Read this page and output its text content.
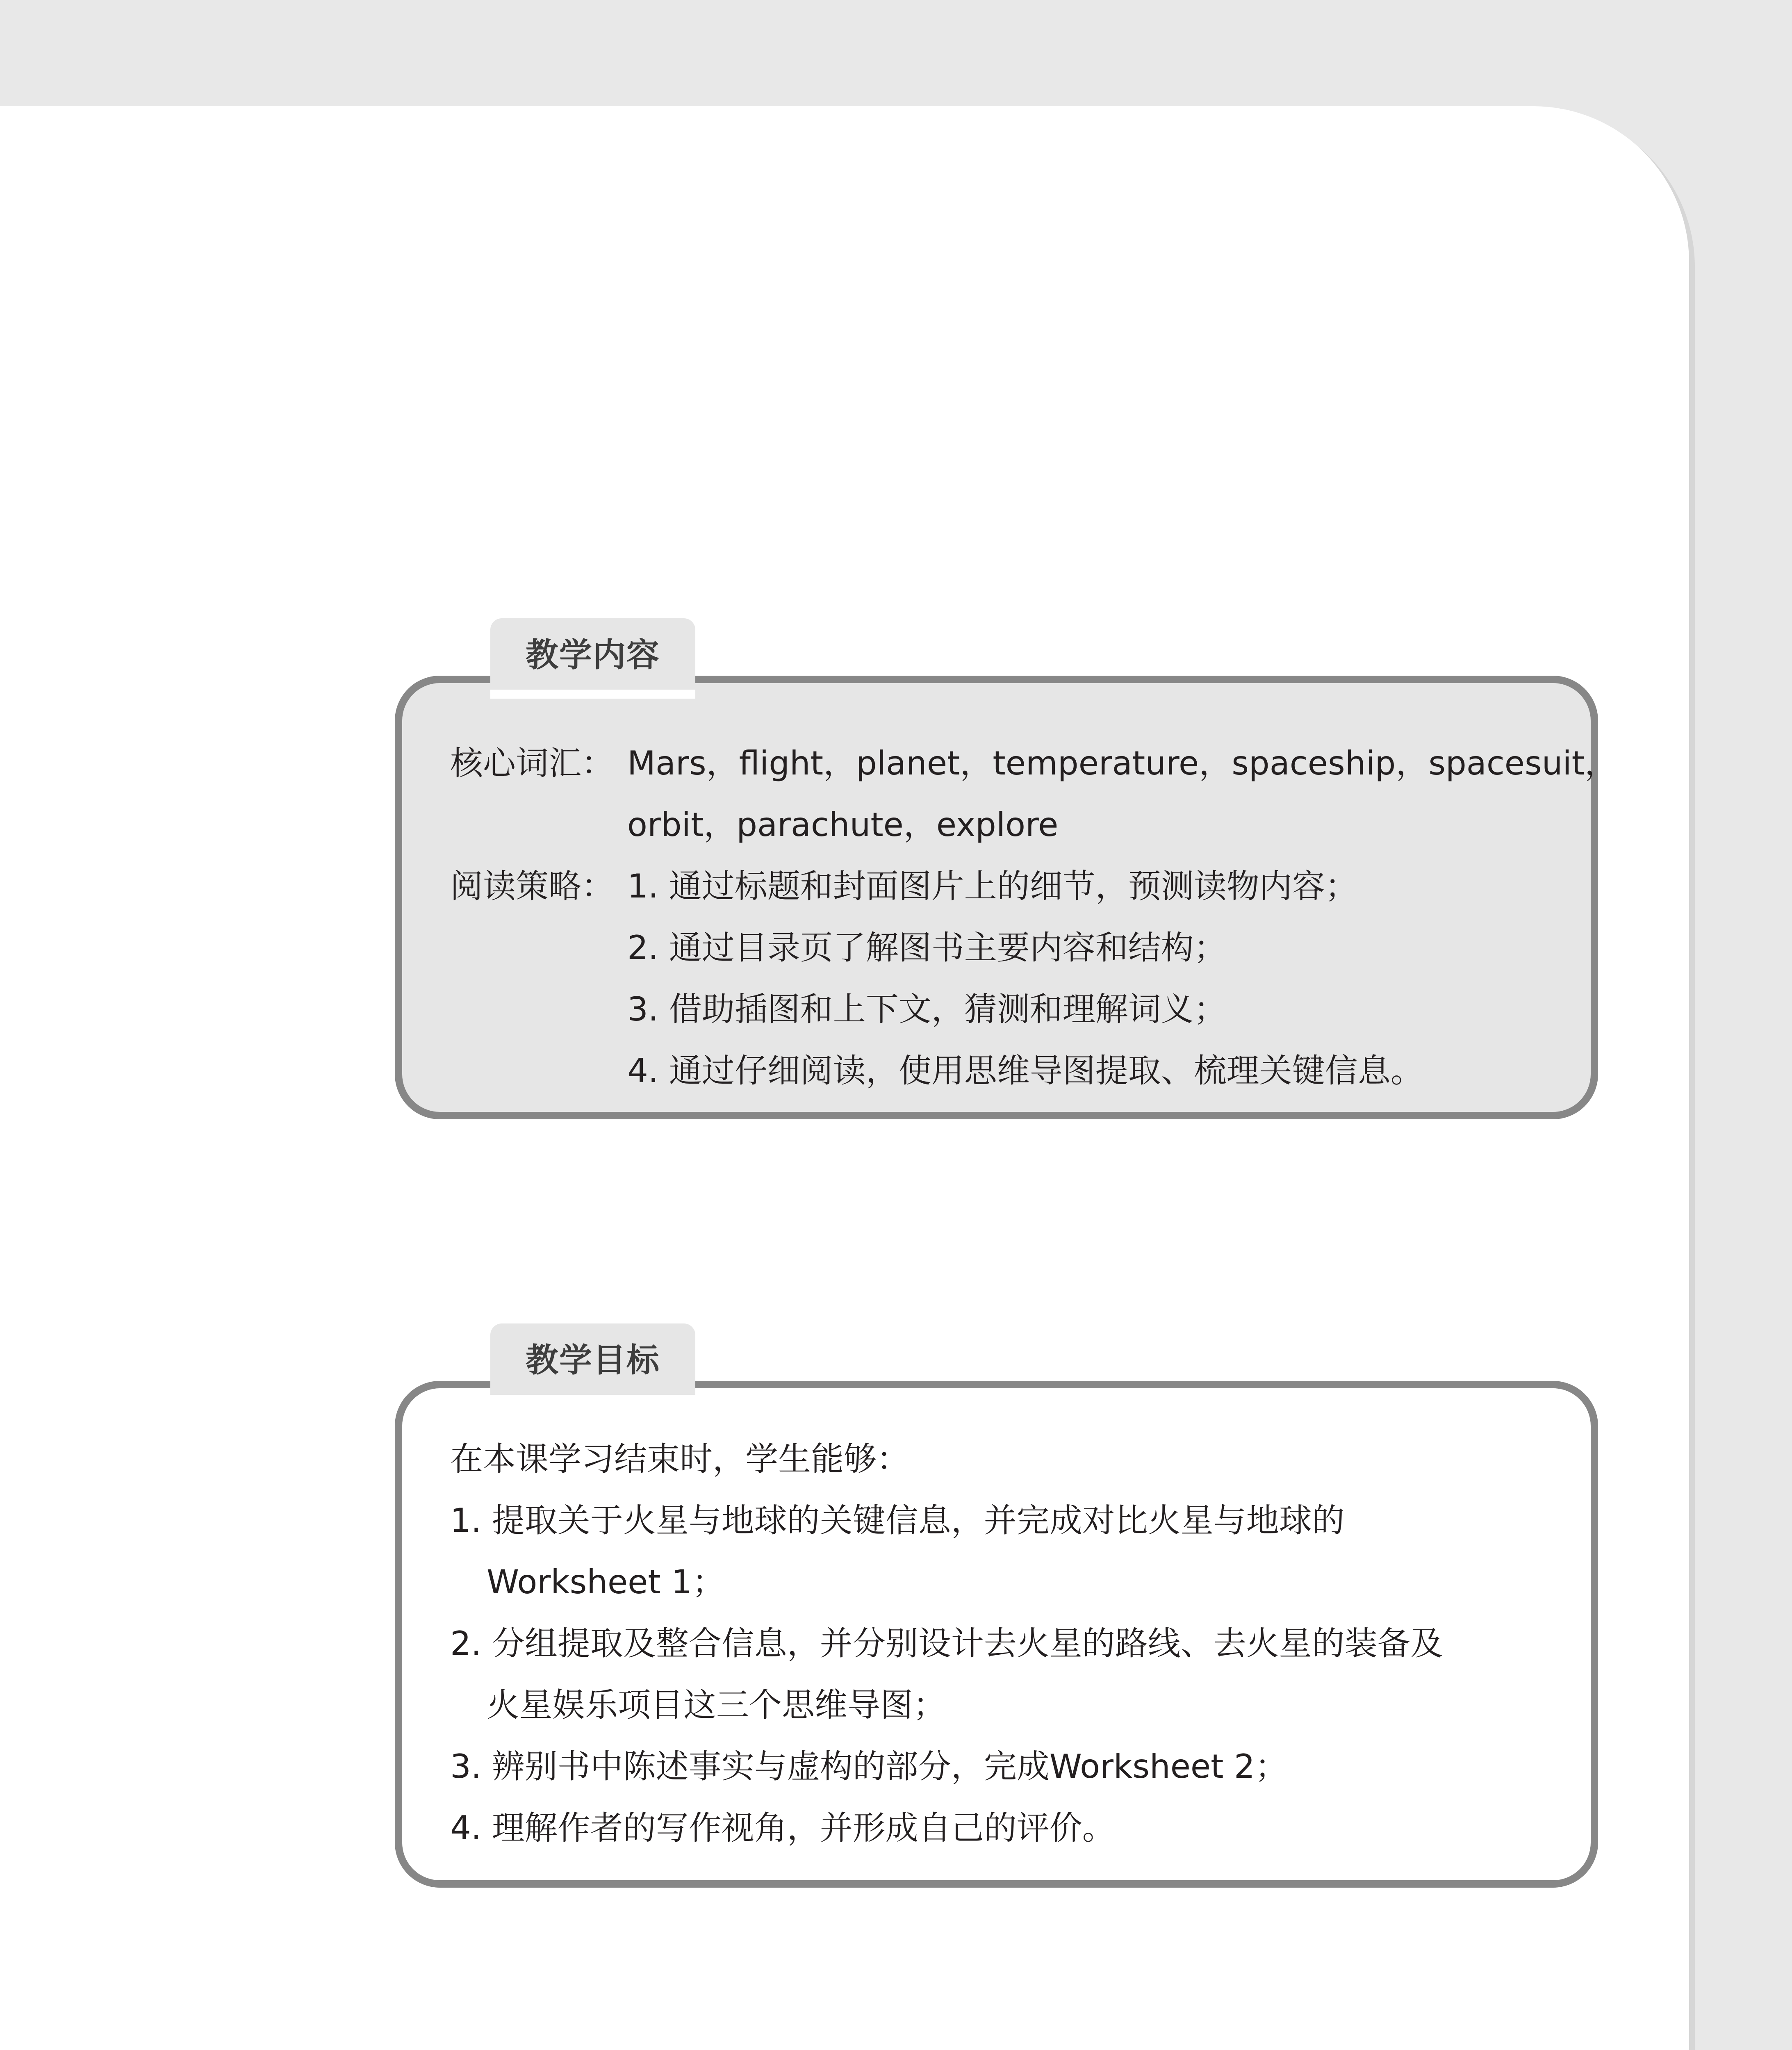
教学内容
核心词汇： Mars，flight，planet，temperature，spaceship，spacesuit，
orbit，parachute，explore
阅读策略： 1. 通过标题和封面图片上的细节，预测读物内容；
2. 通过目录页了解图书主要内容和结构；
3. 借助插图和上下文，猜测和理解词义；
4. 通过仔细阅读，使用思维导图提取、梳理关键信息。
教学目标
在本课学习结束时，学生能够：
1. 提取关于火星与地球的关键信息，并完成对比火星与地球的
Worksheet 1；
2. 分组提取及整合信息，并分别设计去火星的路线、去火星的装备及
火星娱乐项目这三个思维导图；
3. 辨别书中陈述事实与虚构的部分，完成Worksheet 2；
4. 理解作者的写作视角，并形成自己的评价。
